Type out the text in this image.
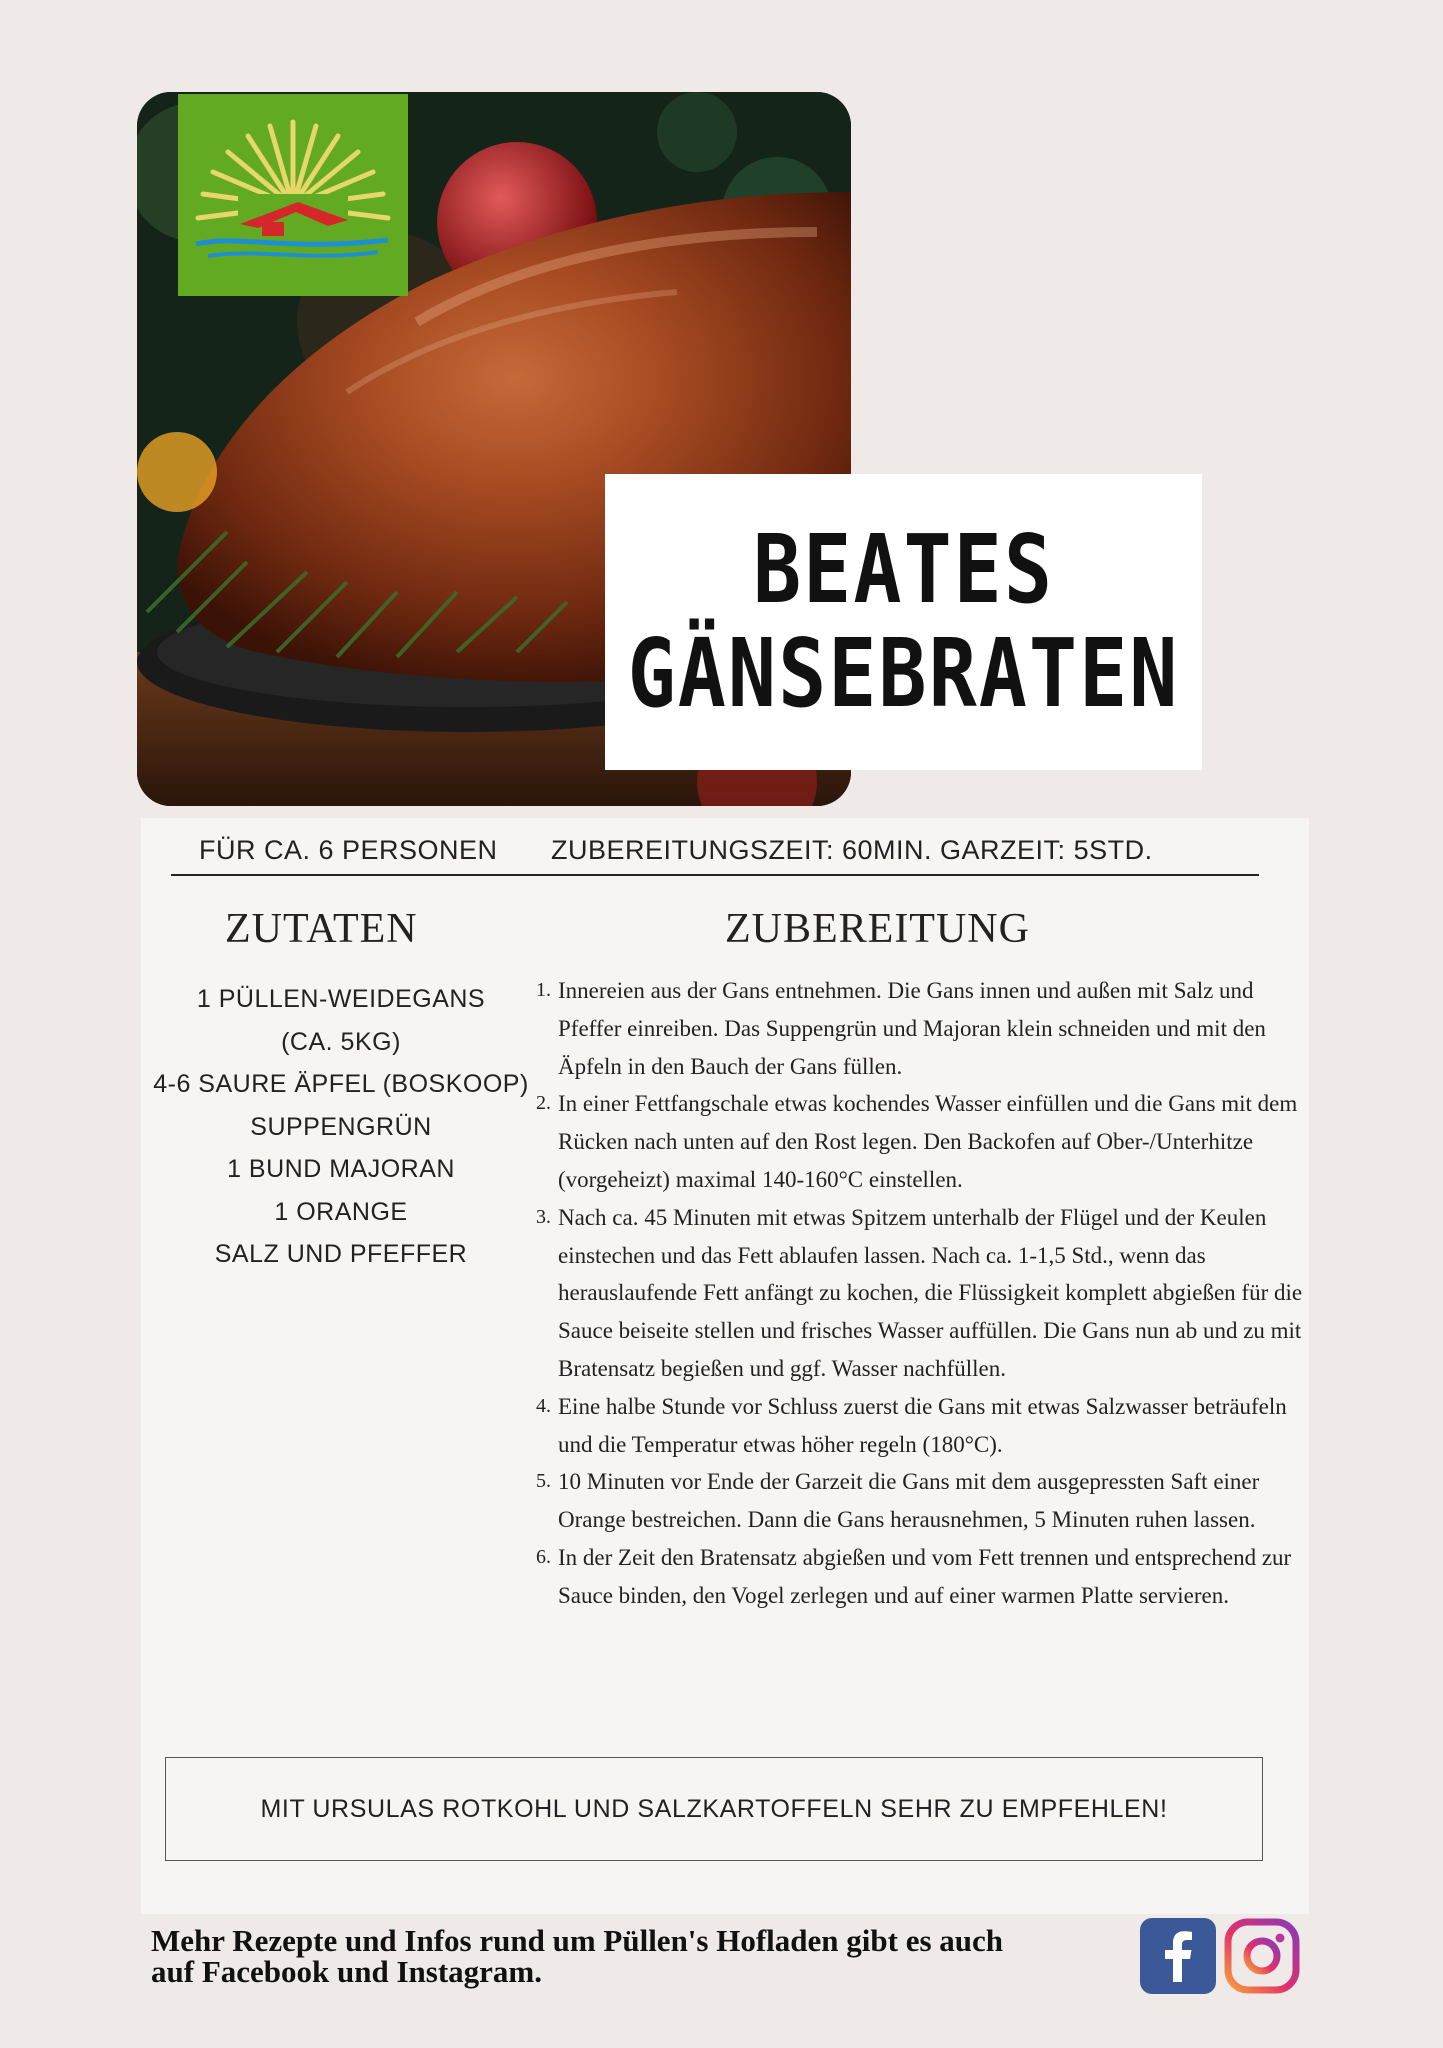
BEATES
GÄNSEBRATEN
FÜR CA. 6 PERSONEN	ZUBEREITUNGSZEIT: 60MIN. GARZEIT: 5STD.
ZUTATEN	ZUBEREITUNG
1 PÜLLEN-WEIDEGANS
(CA. 5KG)
4-6 SAURE ÄPFEL (BOSKOOP)
SUPPENGRÜN
1 BUND MAJORAN
1 ORANGE
SALZ UND PFEFFER
1. Innereien aus der Gans entnehmen. Die Gans innen und außen mit Salz und Pfeffer einreiben. Das Suppengrün und Majoran klein schneiden und mit den Äpfeln in den Bauch der Gans füllen.
2. In einer Fettfangschale etwas kochendes Wasser einfüllen und die Gans mit dem Rücken nach unten auf den Rost legen. Den Backofen auf Ober-/Unterhitze (vorgeheizt) maximal 140-160°C einstellen.
3. Nach ca. 45 Minuten mit etwas Spitzem unterhalb der Flügel und der Keulen einstechen und das Fett ablaufen lassen. Nach ca. 1-1,5 Std., wenn das herauslaufende Fett anfängt zu kochen, die Flüssigkeit komplett abgießen für die Sauce beiseite stellen und frisches Wasser auffüllen. Die Gans nun ab und zu mit Bratensatz begießen und ggf. Wasser nachfüllen.
4. Eine halbe Stunde vor Schluss zuerst die Gans mit etwas Salzwasser beträufeln und die Temperatur etwas höher regeln (180°C).
5. 10 Minuten vor Ende der Garzeit die Gans mit dem ausgepressten Saft einer Orange bestreichen. Dann die Gans herausnehmen, 5 Minuten ruhen lassen.
6. In der Zeit den Bratensatz abgießen und vom Fett trennen und entsprechend zur Sauce binden, den Vogel zerlegen und auf einer warmen Platte servieren.
MIT URSULAS ROTKOHL UND SALZKARTOFFELN SEHR ZU EMPFEHLEN!
Mehr Rezepte und Infos rund um Püllen's Hofladen gibt es auch
auf Facebook und Instagram.
